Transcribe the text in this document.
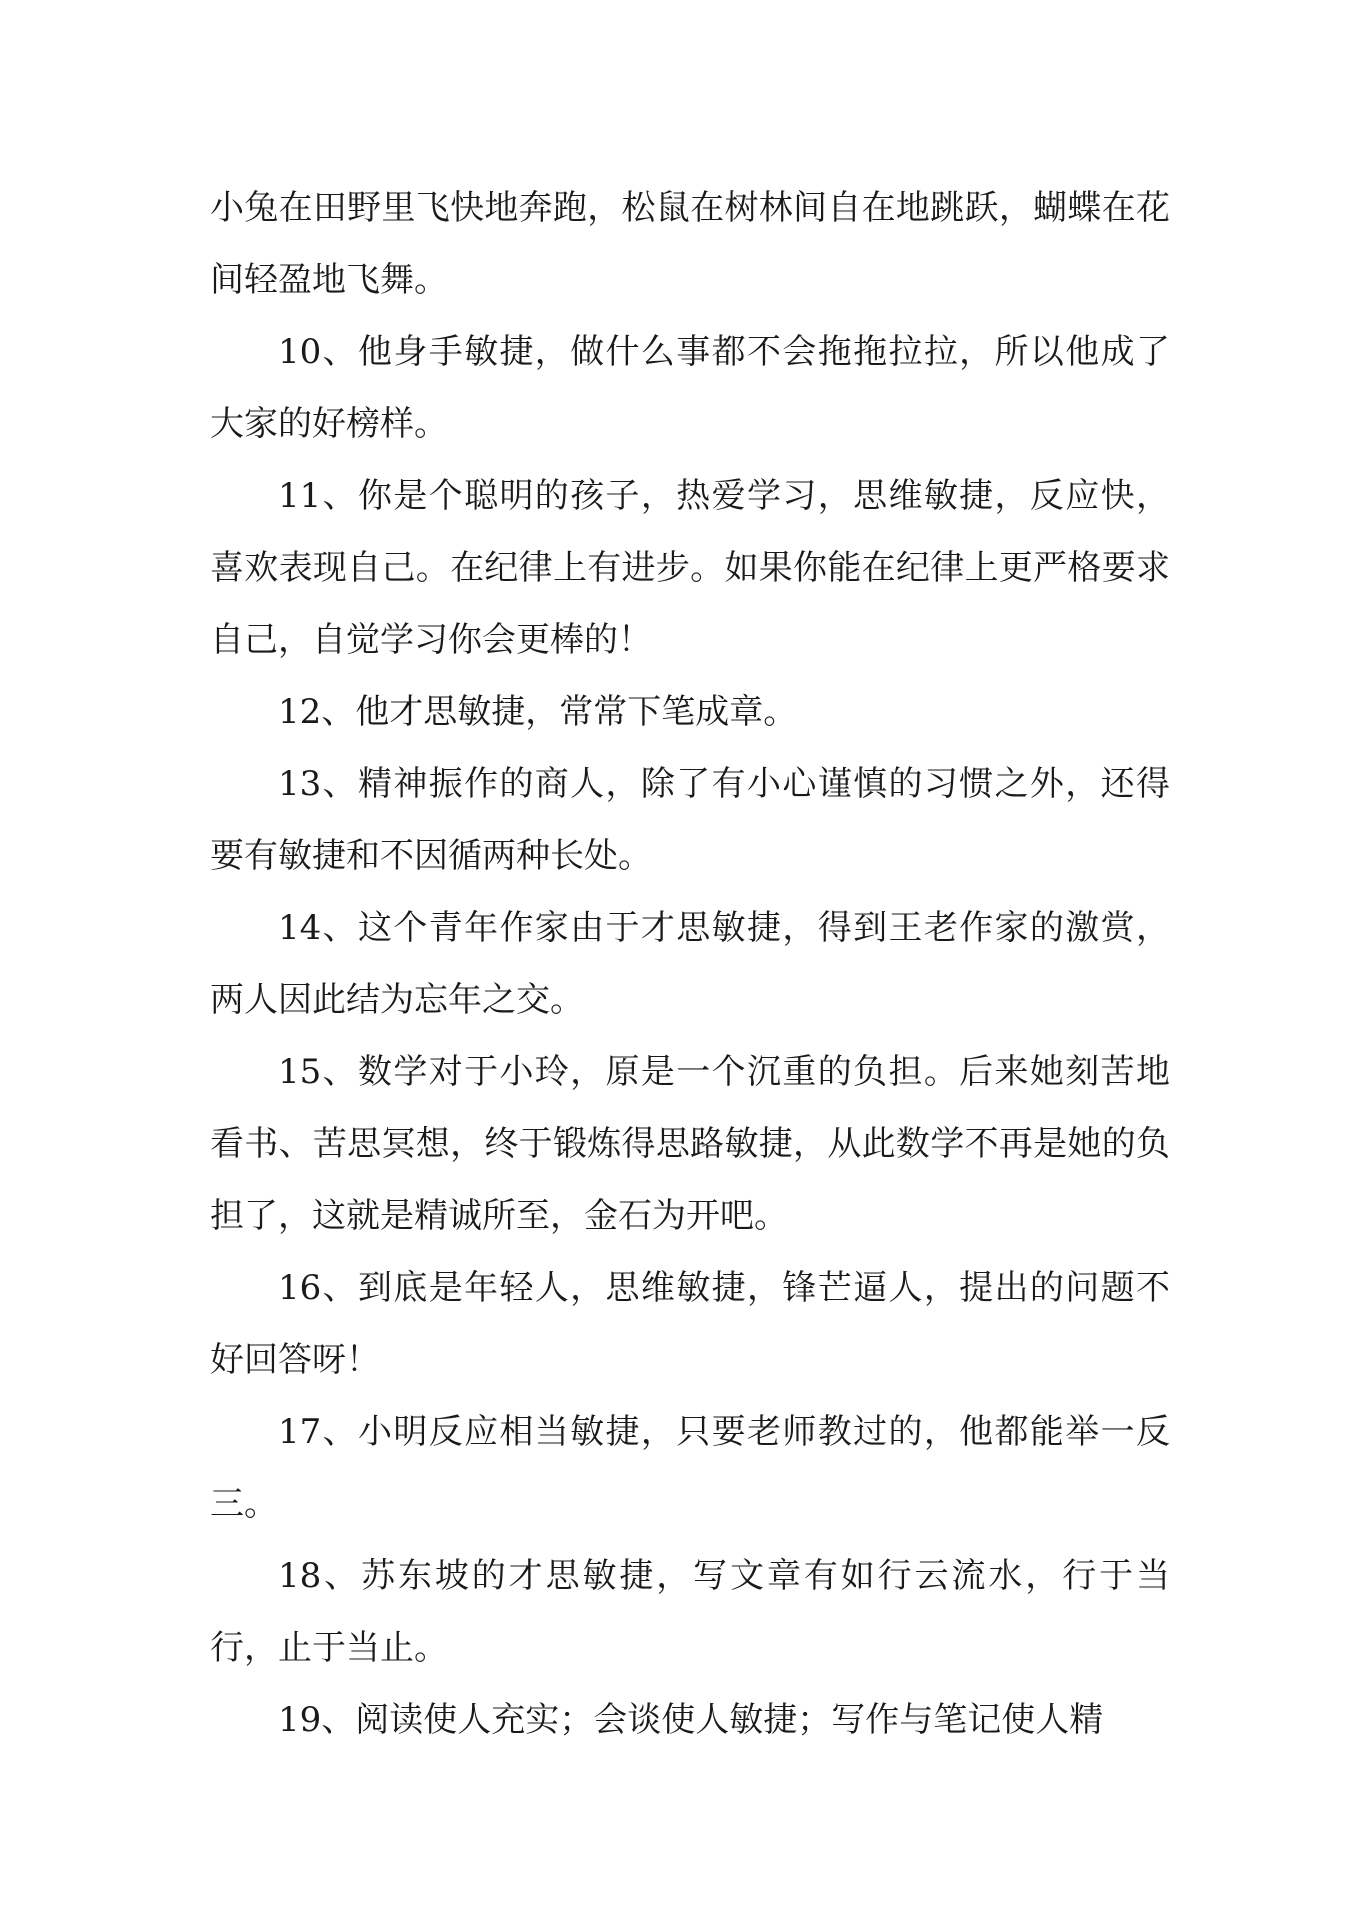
小兔在田野里飞快地奔跑，松鼠在树林间自在地跳跃，蝴蝶在花间轻盈地飞舞。

10、他身手敏捷，做什么事都不会拖拖拉拉，所以他成了大家的好榜样。

11、你是个聪明的孩子，热爱学习，思维敏捷，反应快，喜欢表现自己。在纪律上有进步。如果你能在纪律上更严格要求自己，自觉学习你会更棒的！

12、他才思敏捷，常常下笔成章。

13、精神振作的商人，除了有小心谨慎的习惯之外，还得要有敏捷和不因循两种长处。

14、这个青年作家由于才思敏捷，得到王老作家的激赏，两人因此结为忘年之交。

15、数学对于小玲，原是一个沉重的负担。后来她刻苦地看书、苦思冥想，终于锻炼得思路敏捷，从此数学不再是她的负担了，这就是精诚所至，金石为开吧。

16、到底是年轻人，思维敏捷，锋芒逼人，提出的问题不好回答呀！

17、小明反应相当敏捷，只要老师教过的，他都能举一反三。

18、苏东坡的才思敏捷，写文章有如行云流水，行于当行，止于当止。

19、阅读使人充实；会谈使人敏捷；写作与笔记使人精
